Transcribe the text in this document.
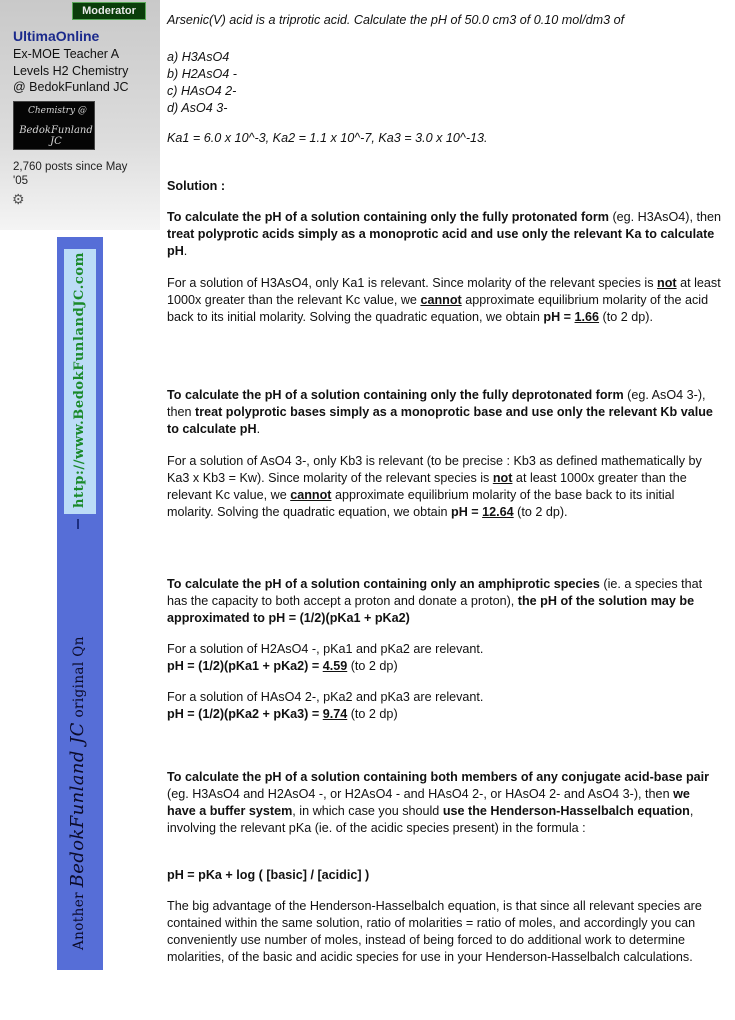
Moderator
UltimaOnline
Ex-MOE Teacher A
Levels H2 Chemistry
@ BedokFunland JC
Chemistry @
BedokFunland JC
2,760 posts since May
'05
⚙
http://www.BedokFunlandJC.com
Another BedokFunland JC original Qn

Arsenic(V) acid is a triprotic acid. Calculate the pH of 50.0 cm3 of 0.10 mol/dm3 of

a) H3AsO4
b) H2AsO4 -
c) HAsO4 2-
d) AsO4 3-

Ka1 = 6.0 x 10^-3, Ka2 = 1.1 x 10^-7, Ka3 = 3.0 x 10^-13.

Solution :

To calculate the pH of a solution containing only the fully protonated form (eg. H3AsO4), then treat polyprotic acids simply as a monoprotic acid and use only the relevant Ka to calculate pH.

For a solution of H3AsO4, only Ka1 is relevant. Since molarity of the relevant species is not at least 1000x greater than the relevant Kc value, we cannot approximate equilibrium molarity of the acid back to its initial molarity. Solving the quadratic equation, we obtain pH = 1.66 (to 2 dp).

To calculate the pH of a solution containing only the fully deprotonated form (eg. AsO4 3-), then treat polyprotic bases simply as a monoprotic base and use only the relevant Kb value to calculate pH.

For a solution of AsO4 3-, only Kb3 is relevant (to be precise : Kb3 as defined mathematically by Ka3 x Kb3 = Kw). Since molarity of the relevant species is not at least 1000x greater than the relevant Kc value, we cannot approximate equilibrium molarity of the base back to its initial molarity. Solving the quadratic equation, we obtain pH = 12.64 (to 2 dp).

To calculate the pH of a solution containing only an amphiprotic species (ie. a species that has the capacity to both accept a proton and donate a proton), the pH of the solution may be approximated to pH = (1/2)(pKa1 + pKa2)

For a solution of H2AsO4 -, pKa1 and pKa2 are relevant.
pH = (1/2)(pKa1 + pKa2) = 4.59 (to 2 dp)
For a solution of HAsO4 2-, pKa2 and pKa3 are relevant.
pH = (1/2)(pKa2 + pKa3) = 9.74 (to 2 dp)

To calculate the pH of a solution containing both members of any conjugate acid-base pair (eg. H3AsO4 and H2AsO4 -, or H2AsO4 - and HAsO4 2-, or HAsO4 2- and AsO4 3-), then we have a buffer system, in which case you should use the Henderson-Hasselbalch equation, involving the relevant pKa (ie. of the acidic species present) in the formula :

pH = pKa + log ( [basic] / [acidic] )

The big advantage of the Henderson-Hasselbalch equation, is that since all relevant species are contained within the same solution, ratio of molarities = ratio of moles, and accordingly you can conveniently use number of moles, instead of being forced to do additional work to determine molarities, of the basic and acidic species for use in your Henderson-Hasselbalch calculations.
